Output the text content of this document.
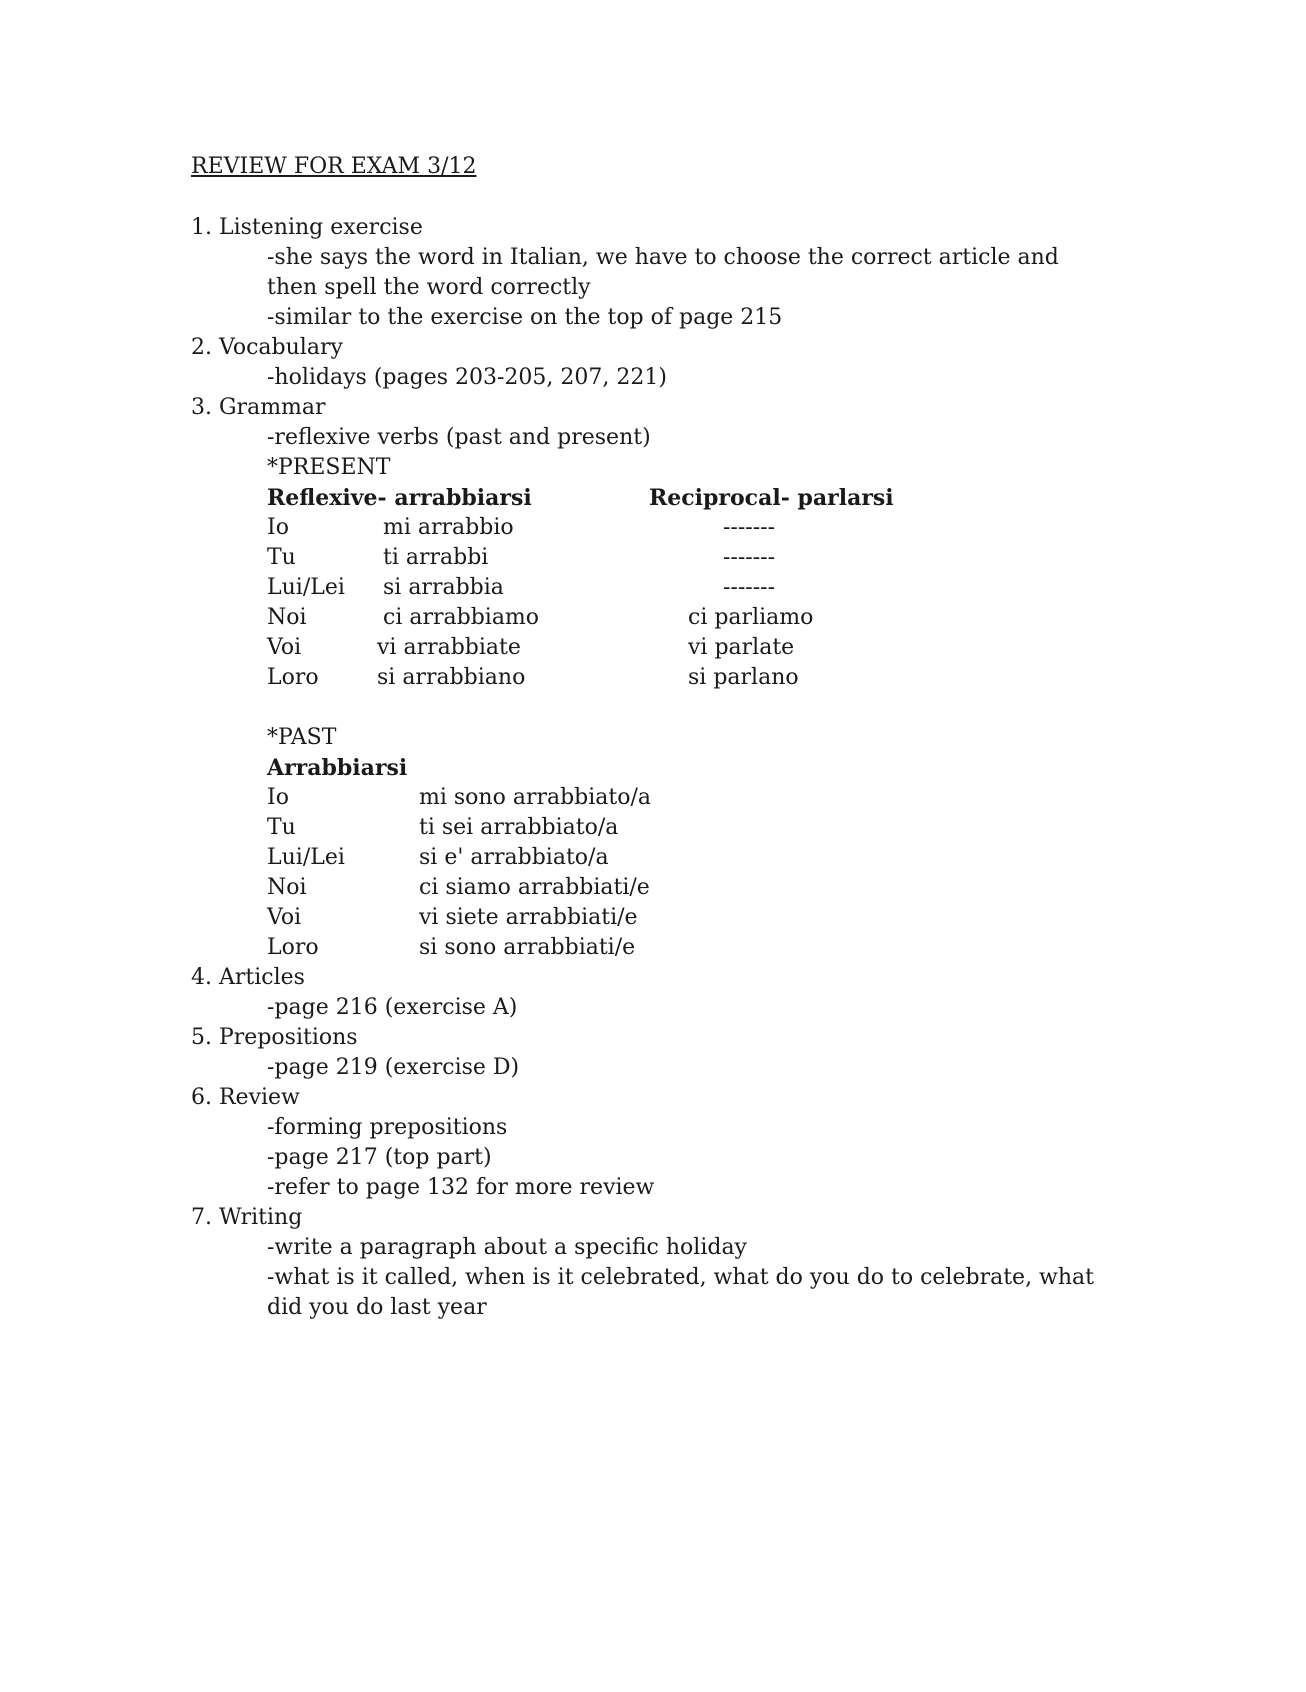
REVIEW FOR EXAM 3/12
1. Listening exercise
-she says the word in Italian, we have to choose the correct article and then spell the word correctly
-similar to the exercise on the top of page 215
2. Vocabulary
-holidays (pages 203-205, 207, 221)
3. Grammar
-reflexive verbs (past and present)
*PRESENT
Reflexive- arrabbiarsi	Reciprocal- parlarsi
Io	mi arrabbio	-------
Tu	ti arrabbi	-------
Lui/Lei si arrabbia	-------
Noi	ci arrabbiamo	ci parliamo
Voi	vi arrabbiate	vi parlate
Loro	si arrabbiano	si parlano
*PAST
Arrabbiarsi
Io	mi sono arrabbiato/a
Tu	ti sei arrabbiato/a
Lui/Lei	si e' arrabbiato/a
Noi	ci siamo arrabbiati/e
Voi	vi siete arrabbiati/e
Loro	si sono arrabbiati/e
4. Articles
-page 216 (exercise A)
5. Prepositions
-page 219 (exercise D)
6. Review
-forming prepositions
-page 217 (top part)
-refer to page 132 for more review
7. Writing
-write a paragraph about a specific holiday
-what is it called, when is it celebrated, what do you do to celebrate, what did you do last year
